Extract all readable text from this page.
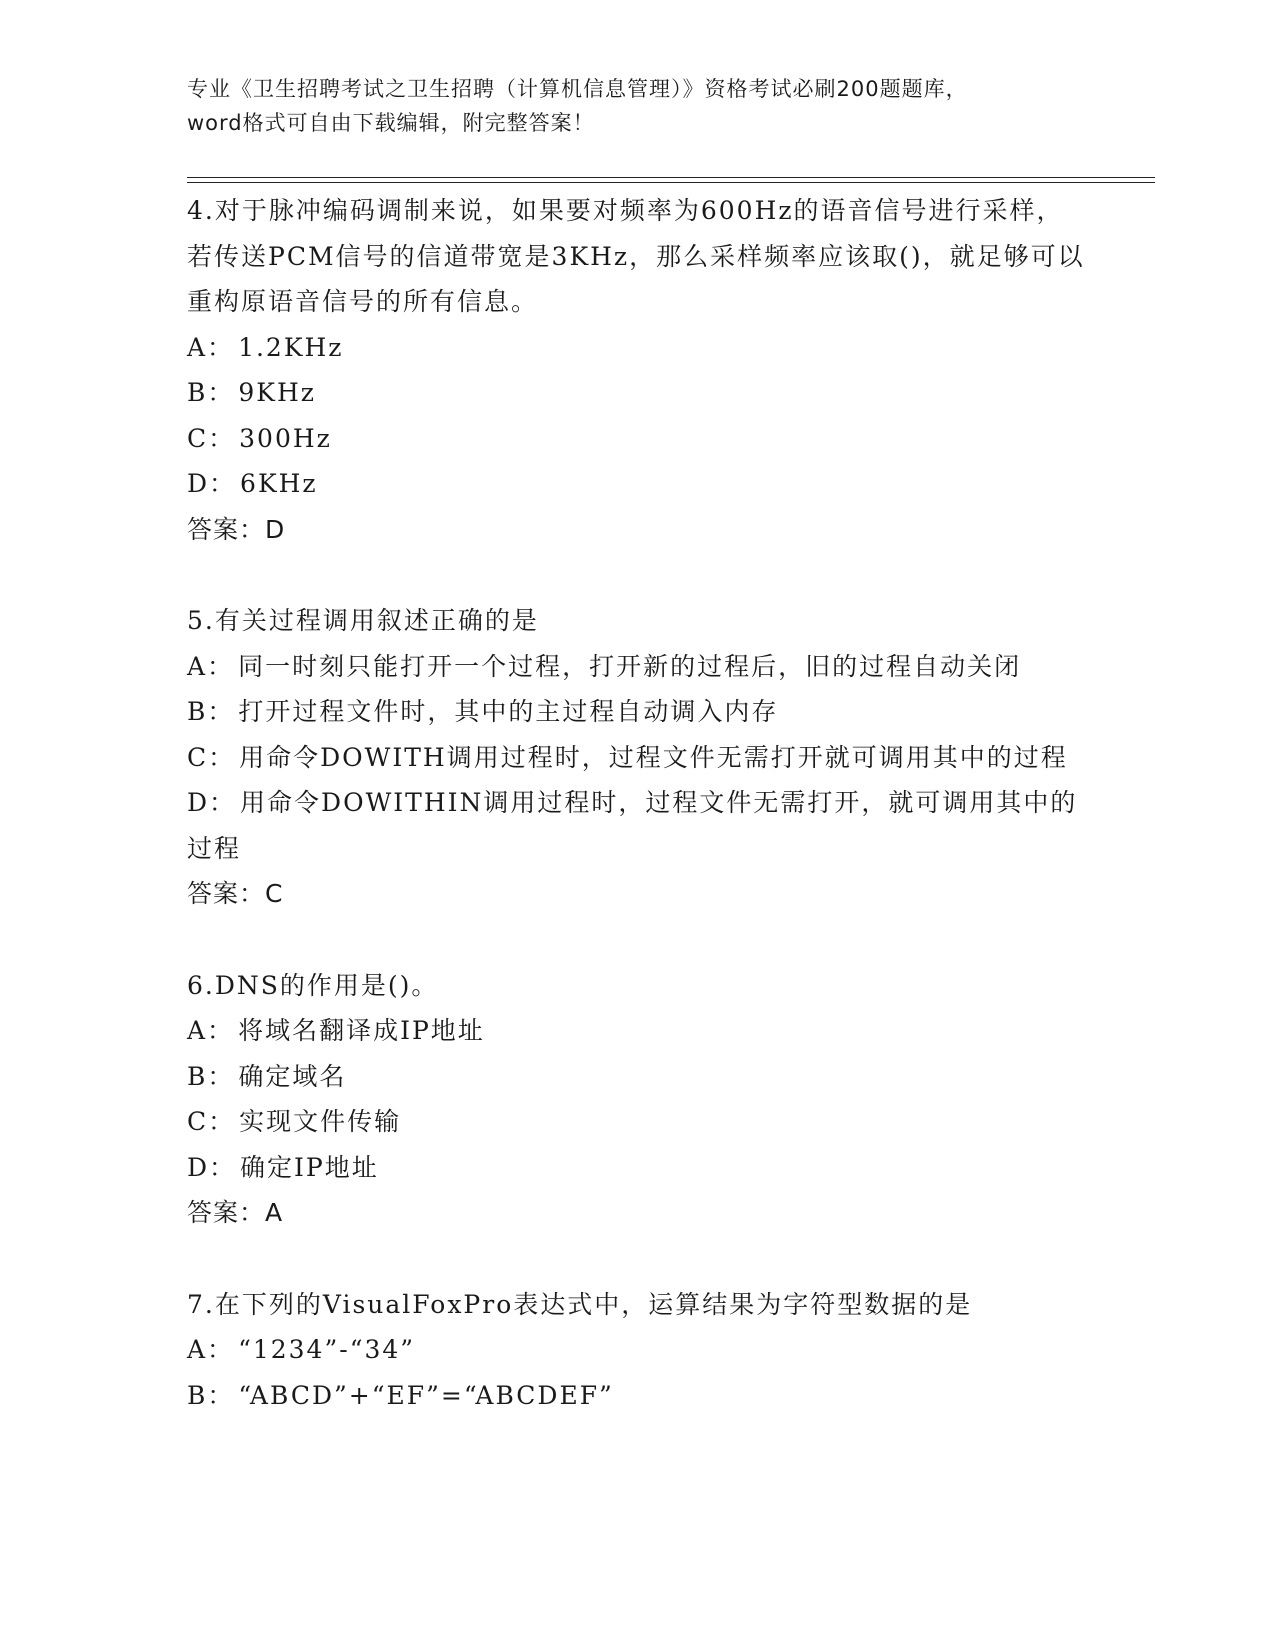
专业《卫生招聘考试之卫生招聘（计算机信息管理）》资格考试必刷200题题库，
word格式可自由下载编辑，附完整答案！
4.对于脉冲编码调制来说，如果要对频率为600Hz的语音信号进行采样，若传送PCM信号的信道带宽是3KHz，那么采样频率应该取()，就足够可以重构原语音信号的所有信息。
A： 1.2KHz
B： 9KHz
C： 300Hz
D： 6KHz
答案：D
5.有关过程调用叙述正确的是
A： 同一时刻只能打开一个过程，打开新的过程后，旧的过程自动关闭
B： 打开过程文件时，其中的主过程自动调入内存
C： 用命令DOWITH调用过程时，过程文件无需打开就可调用其中的过程
D： 用命令DOWITHIN调用过程时，过程文件无需打开，就可调用其中的过程
答案：C
6.DNS的作用是()。
A： 将域名翻译成IP地址
B： 确定域名
C： 实现文件传输
D： 确定IP地址
答案：A
7.在下列的VisualFoxPro表达式中，运算结果为字符型数据的是
A： “1234”-“34”
B： “ABCD”+“EF”=“ABCDEF”
